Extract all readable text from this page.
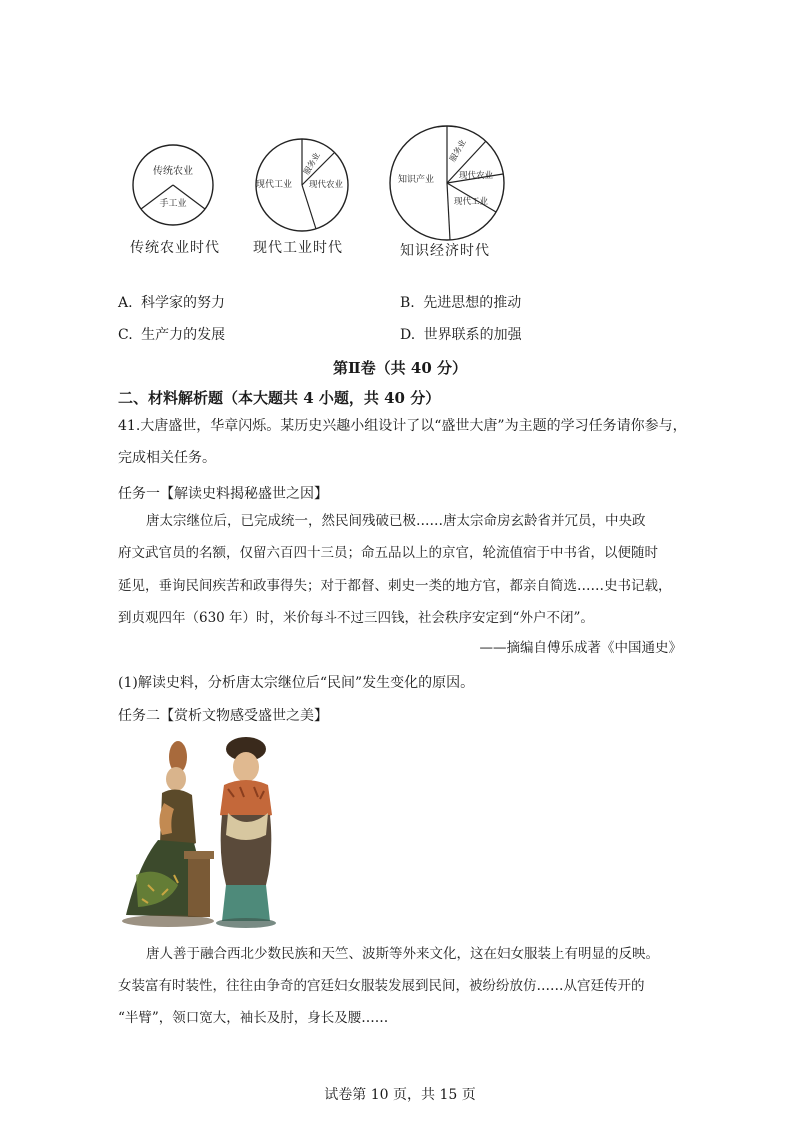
传统农业
手工业
传统农业时代
现代工业
服务业
现代农业
现代工业时代
知识产业
服务业
现代农业
现代工业
知识经济时代
A. 科学家的努力	B. 先进思想的推动
C. 生产力的发展	D. 世界联系的加强
第Ⅱ卷（共 40 分）
二、材料解析题（本大题共 4 小题，共 40 分）
41.大唐盛世，华章闪烁。某历史兴趣小组设计了以“盛世大唐”为主题的学习任务请你参与，
完成相关任务。
任务一【解读史料揭秘盛世之因】
唐太宗继位后，已完成统一，然民间残破已极……唐太宗命房玄龄省并冗员，中央政
府文武官员的名额，仅留六百四十三员；命五品以上的京官，轮流值宿于中书省，以便随时
延见，垂询民间疾苦和政事得失；对于都督、刺史一类的地方官，都亲自简选……史书记载，
到贞观四年（630 年）时，米价每斗不过三四钱，社会秩序安定到“外户不闭”。
——摘编自傅乐成著《中国通史》
(1)解读史料，分析唐太宗继位后“民间”发生变化的原因。
任务二【赏析文物感受盛世之美】
唐人善于融合西北少数民族和天竺、波斯等外来文化，这在妇女服装上有明显的反映。
女装富有时装性，往往由争奇的宫廷妇女服装发展到民间，被纷纷放仿……从宫廷传开的
“半臂”，领口宽大，袖长及肘，身长及腰……
试卷第 10 页，共 15 页
